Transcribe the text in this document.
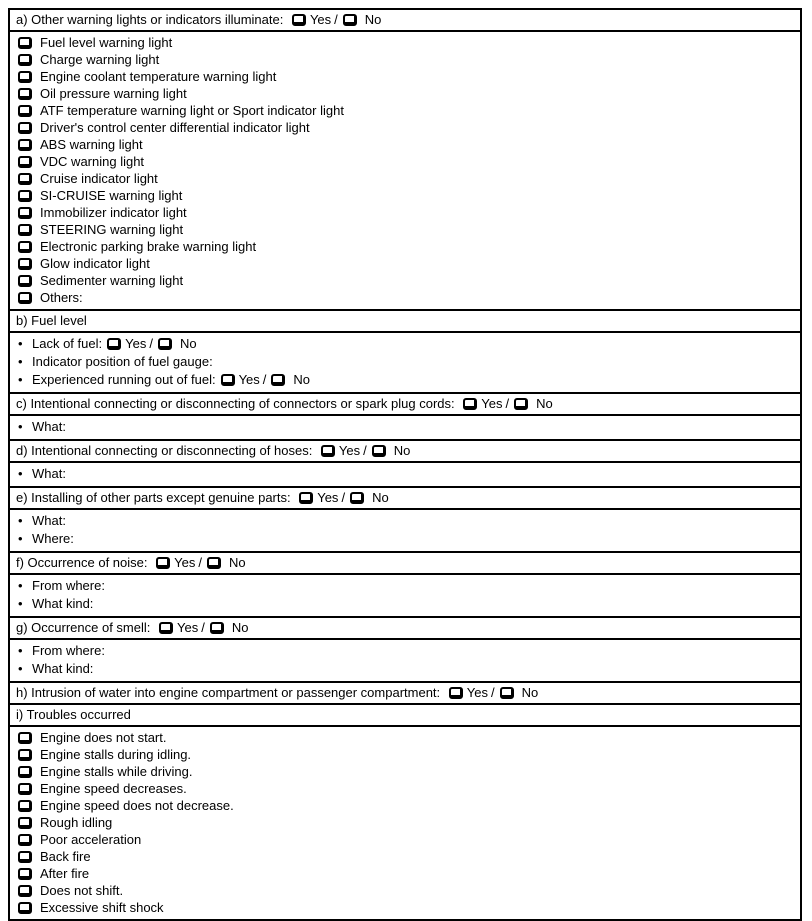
a) Other warning lights or indicators illuminate: Yes / No
Fuel level warning light
Charge warning light
Engine coolant temperature warning light
Oil pressure warning light
ATF temperature warning light or Sport indicator light
Driver's control center differential indicator light
ABS warning light
VDC warning light
Cruise indicator light
SI-CRUISE warning light
Immobilizer indicator light
STEERING warning light
Electronic parking brake warning light
Glow indicator light
Sedimenter warning light
Others:
b) Fuel level
• Lack of fuel:	Yes / No
• Indicator position of fuel gauge:
• Experienced running out of fuel:	Yes / No
c) Intentional connecting or disconnecting of connectors or spark plug cords: Yes / No
• What:
d) Intentional connecting or disconnecting of hoses: Yes / No
• What:
e) Installing of other parts except genuine parts: Yes / No
• What:
• Where:
f) Occurrence of noise: Yes / No
• From where:
• What kind:
g) Occurrence of smell: Yes / No
• From where:
• What kind:
h) Intrusion of water into engine compartment or passenger compartment: Yes / No
i) Troubles occurred
Engine does not start.
Engine stalls during idling.
Engine stalls while driving.
Engine speed decreases.
Engine speed does not decrease.
Rough idling
Poor acceleration
Back fire
After fire
Does not shift.
Excessive shift shock
